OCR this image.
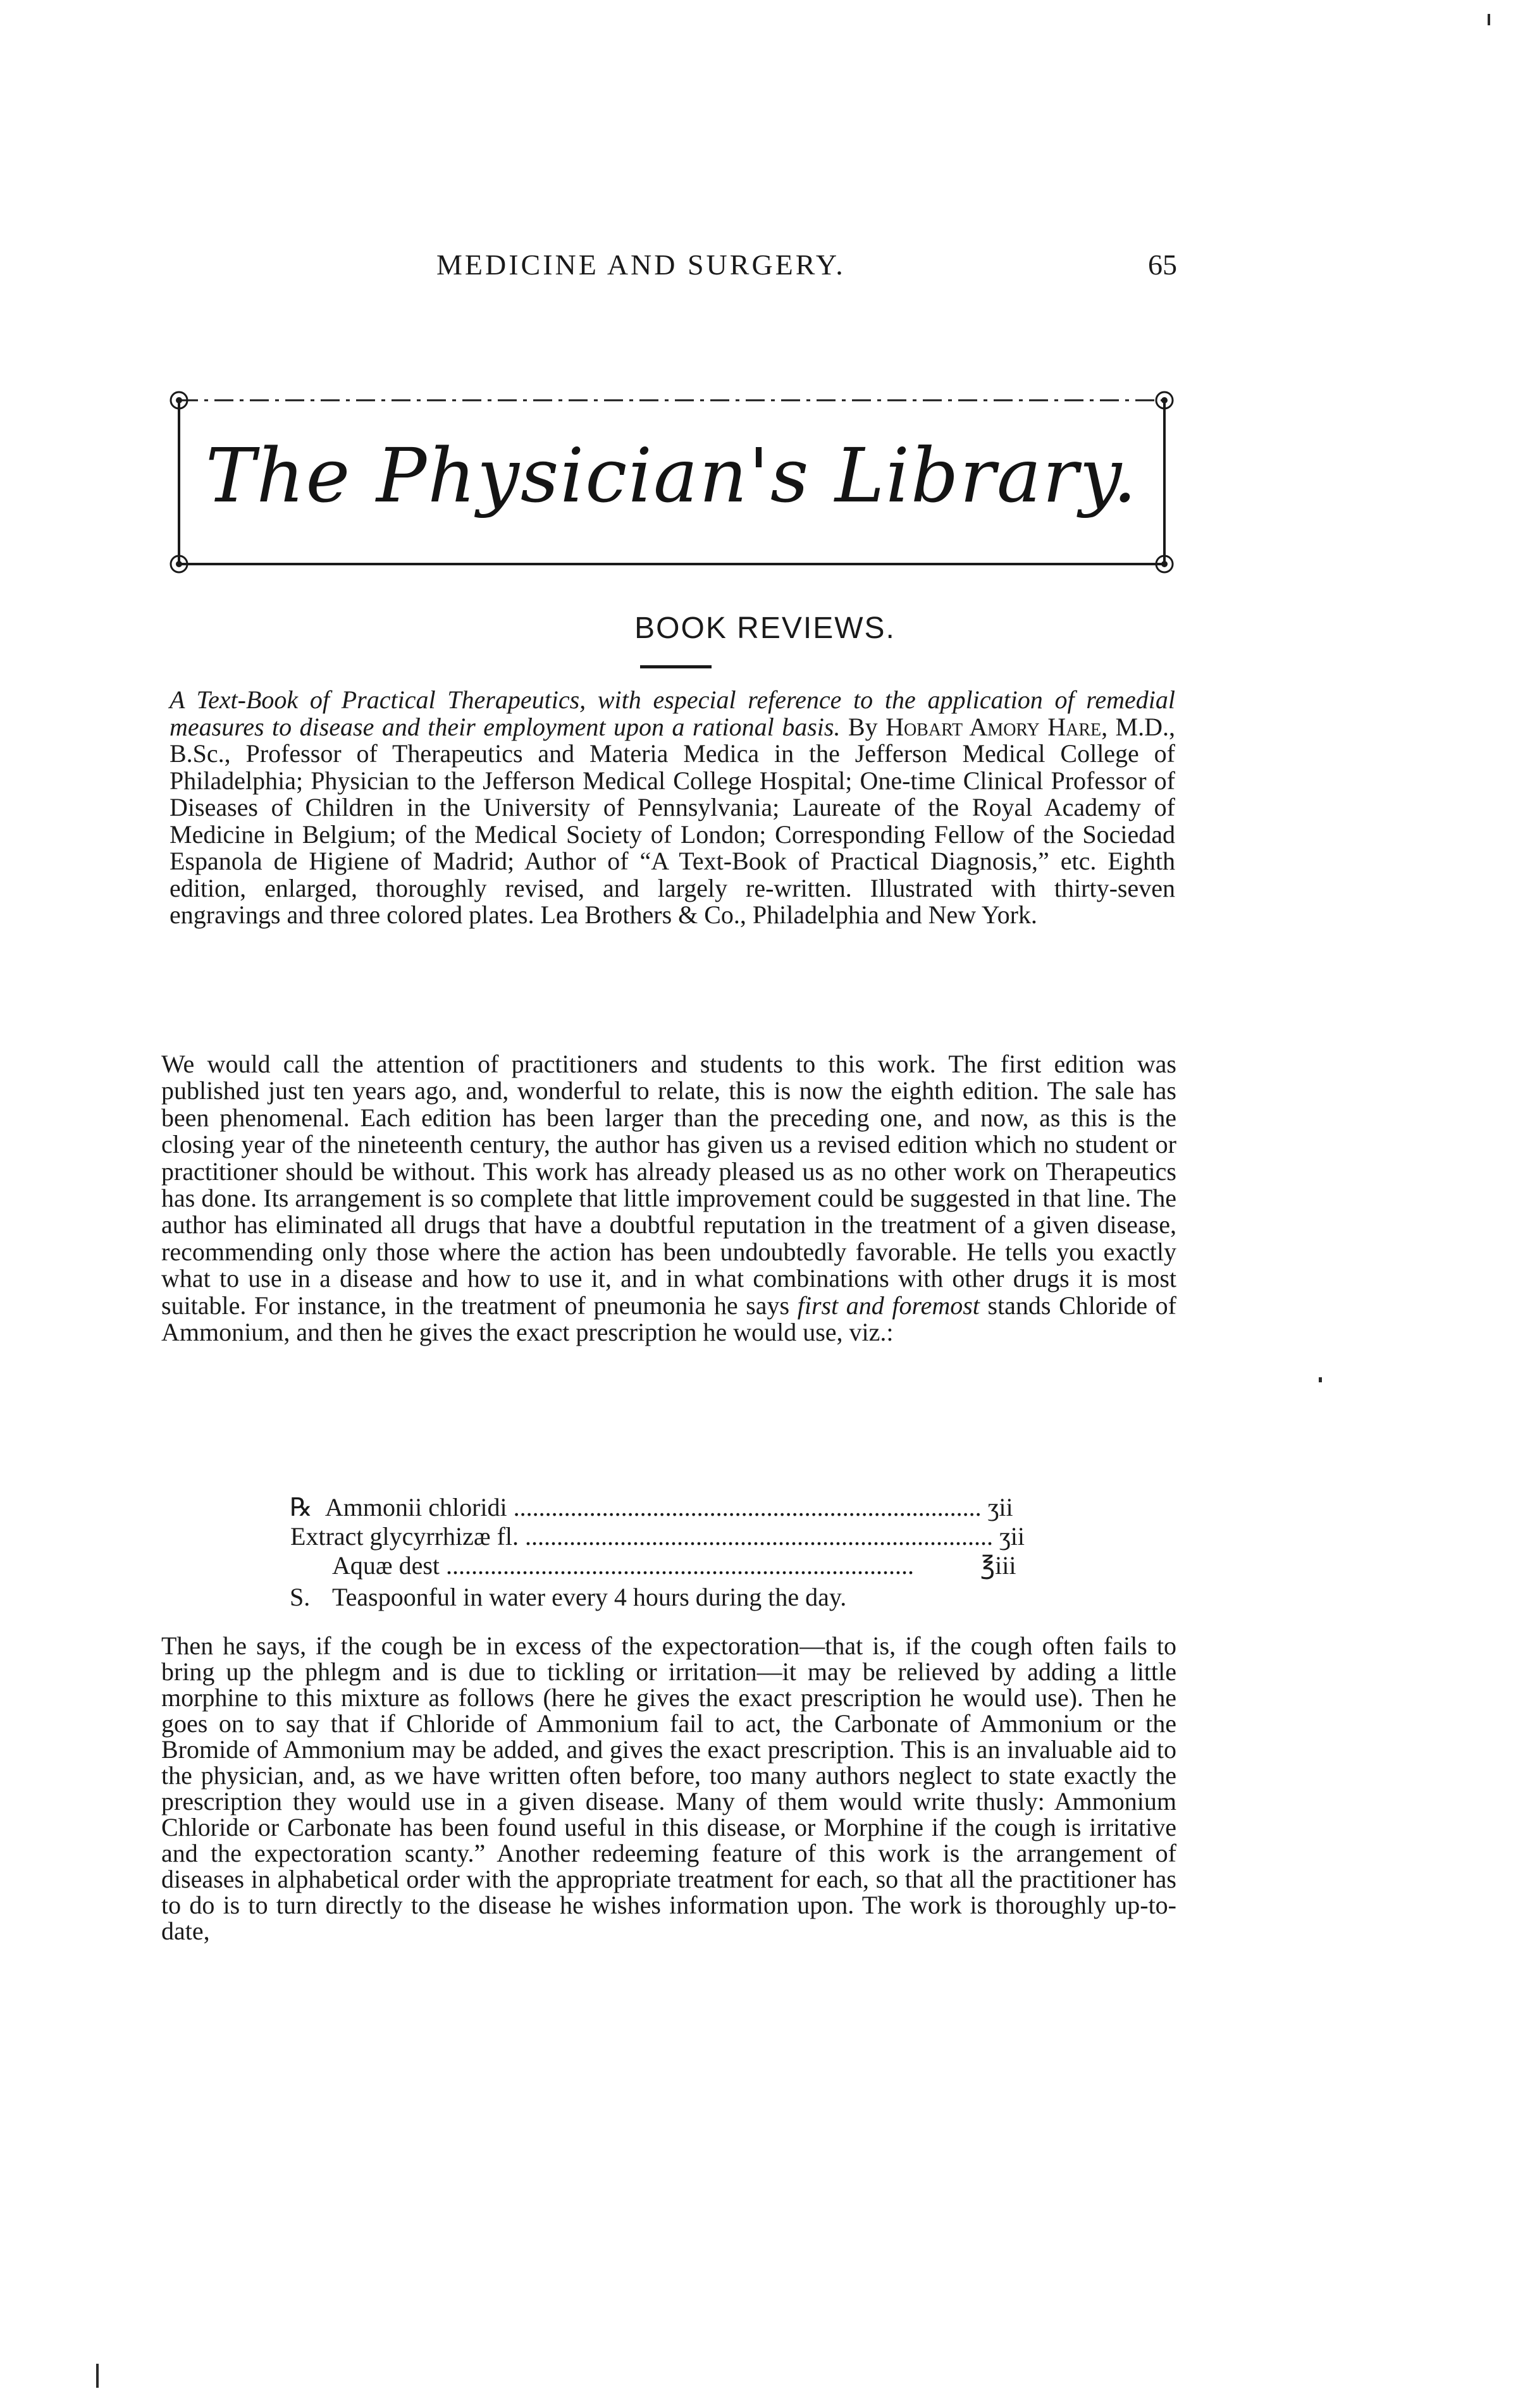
MEDICINE AND SURGERY.	65
The Physician's Library.
BOOK REVIEWS.

A Text-Book of Practical Therapeutics, with especial reference to the application of remedial measures to disease and their employment upon a rational basis. By Hobart Amory Hare, M.D., B.Sc., Professor of Therapeutics and Materia Medica in the Jefferson Medical College of Philadelphia; Physician to the Jefferson Medical College Hospital; One-time Clinical Professor of Diseases of Children in the University of Pennsylvania; Laureate of the Royal Academy of Medicine in Belgium; of the Medical Society of London; Corresponding Fellow of the Sociedad Espanola de Higiene of Madrid; Author of “A Text-Book of Practical Diagnosis,” etc. Eighth edition, enlarged, thoroughly revised, and largely re-written. Illustrated with thirty-seven engravings and three colored plates. Lea Brothers & Co., Philadelphia and New York.

We would call the attention of practitioners and students to this work. The first edition was published just ten years ago, and, wonderful to relate, this is now the eighth edition. The sale has been phenomenal. Each edition has been larger than the preceding one, and now, as this is the closing year of the nineteenth century, the author has given us a revised edition which no student or practitioner should be without. This work has already pleased us as no other work on Therapeutics has done. Its arrangement is so complete that little improvement could be suggested in that line. The author has eliminated all drugs that have a doubtful reputation in the treatment of a given disease, recommending only those where the action has been undoubtedly favorable. He tells you exactly what to use in a disease and how to use it, and in what combinations with other drugs it is most suitable. For instance, in the treatment of pneumonia he says first and foremost stands Chloride of Ammonium, and then he gives the exact prescription he would use, viz.:

℞ Ammonii chloridi .......................................................................... ʒii
Extract glycyrrhizæ fl. .......................................................................... ʒii
Aquæ dest ..........................................................................	℥iii
S. Teaspoonful in water every 4 hours during the day.

Then he says, if the cough be in excess of the expectoration—that is, if the cough often fails to bring up the phlegm and is due to tickling or irritation—it may be relieved by adding a little morphine to this mixture as follows (here he gives the exact prescription he would use). Then he goes on to say that if Chloride of Ammonium fail to act, the Carbonate of Ammonium or the Bromide of Ammonium may be added, and gives the exact prescription. This is an invaluable aid to the physician, and, as we have written often before, too many authors neglect to state exactly the prescription they would use in a given disease. Many of them would write thusly: Ammonium Chloride or Carbonate has been found useful in this disease, or Morphine if the cough is irritative and the expectoration scanty.” Another redeeming feature of this work is the arrangement of diseases in alphabetical order with the appropriate treatment for each, so that all the practitioner has to do is to turn directly to the disease he wishes information upon. The work is thoroughly up-to-date,
